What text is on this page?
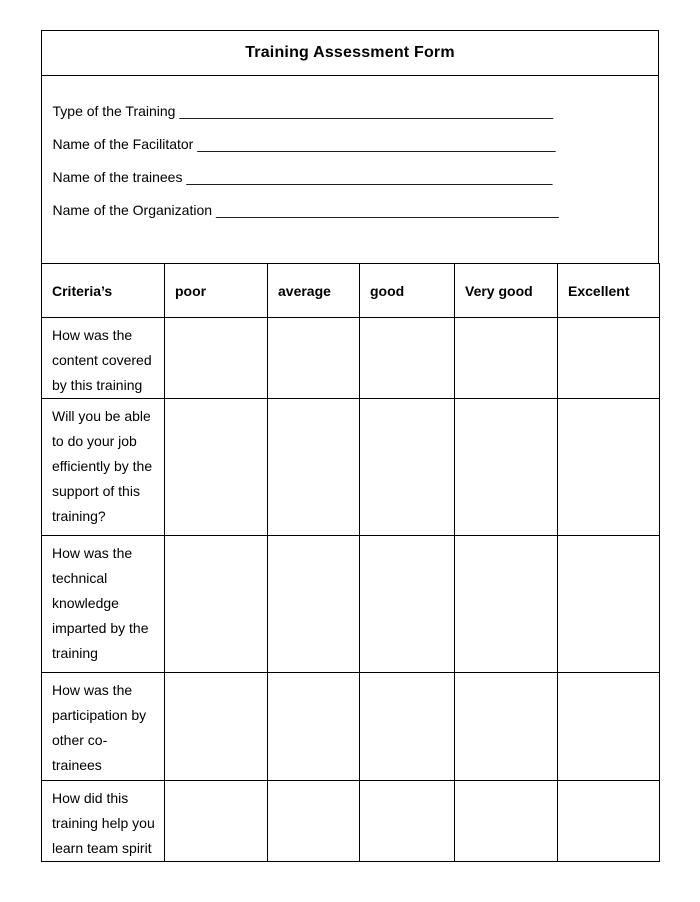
Training Assessment Form
Type of the Training ________________________________________________
Name of the Facilitator ______________________________________________
Name of the trainees _______________________________________________
Name of the Organization ____________________________________________
Criteria’s	poor	average	good	Very good	Excellent

How was the content covered by this training					

Will you be able to do your job efficiently by the support of this training?					

How was the technical knowledge imparted by the training					

How was the participation by other co-trainees					

How did this training help you learn team spirit					
